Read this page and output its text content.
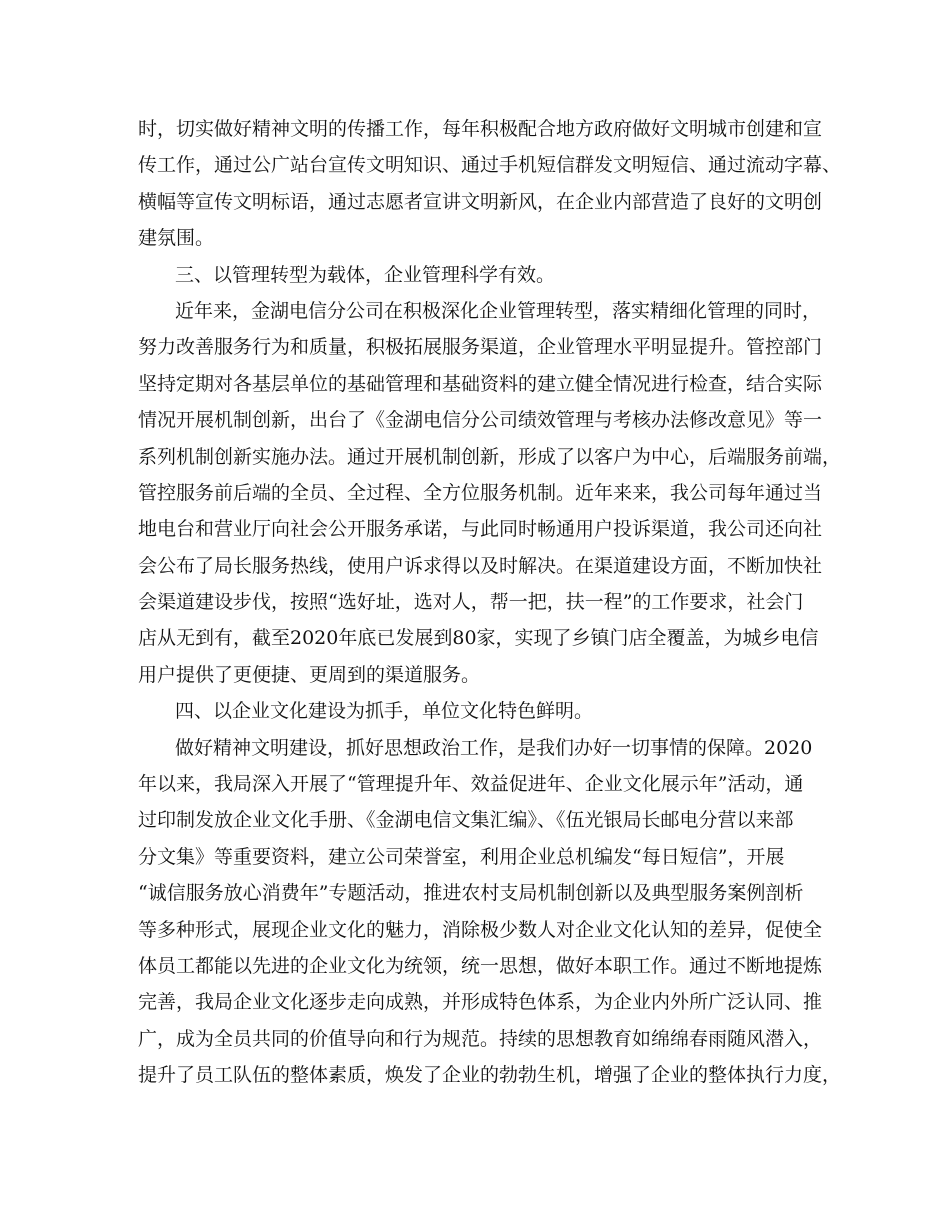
时，切实做好精神文明的传播工作，每年积极配合地方政府做好文明城市创建和宣
传工作，通过公广站台宣传文明知识、通过手机短信群发文明短信、通过流动字幕、
横幅等宣传文明标语，通过志愿者宣讲文明新风，在企业内部营造了良好的文明创
建氛围。
三、以管理转型为载体，企业管理科学有效。
近年来，金湖电信分公司在积极深化企业管理转型，落实精细化管理的同时，
努力改善服务行为和质量，积极拓展服务渠道，企业管理水平明显提升。管控部门
坚持定期对各基层单位的基础管理和基础资料的建立健全情况进行检查，结合实际
情况开展机制创新，出台了《金湖电信分公司绩效管理与考核办法修改意见》等一
系列机制创新实施办法。通过开展机制创新，形成了以客户为中心，后端服务前端，
管控服务前后端的全员、全过程、全方位服务机制。近年来来，我公司每年通过当
地电台和营业厅向社会公开服务承诺，与此同时畅通用户投诉渠道，我公司还向社
会公布了局长服务热线，使用户诉求得以及时解决。在渠道建设方面，不断加快社
会渠道建设步伐，按照“选好址，选对人，帮一把，扶一程”的工作要求，社会门
店从无到有，截至2020年底已发展到80家，实现了乡镇门店全覆盖，为城乡电信
用户提供了更便捷、更周到的渠道服务。
四、以企业文化建设为抓手，单位文化特色鲜明。
做好精神文明建设，抓好思想政治工作，是我们办好一切事情的保障。2020
年以来，我局深入开展了“管理提升年、效益促进年、企业文化展示年”活动，通
过印制发放企业文化手册、《金湖电信文集汇编》、《伍光银局长邮电分营以来部
分文集》等重要资料，建立公司荣誉室，利用企业总机编发“每日短信”，开展
“诚信服务放心消费年”专题活动，推进农村支局机制创新以及典型服务案例剖析
等多种形式，展现企业文化的魅力，消除极少数人对企业文化认知的差异，促使全
体员工都能以先进的企业文化为统领，统一思想，做好本职工作。通过不断地提炼
完善，我局企业文化逐步走向成熟，并形成特色体系，为企业内外所广泛认同、推
广，成为全员共同的价值导向和行为规范。持续的思想教育如绵绵春雨随风潜入，
提升了员工队伍的整体素质，焕发了企业的勃勃生机，增强了企业的整体执行力度，
